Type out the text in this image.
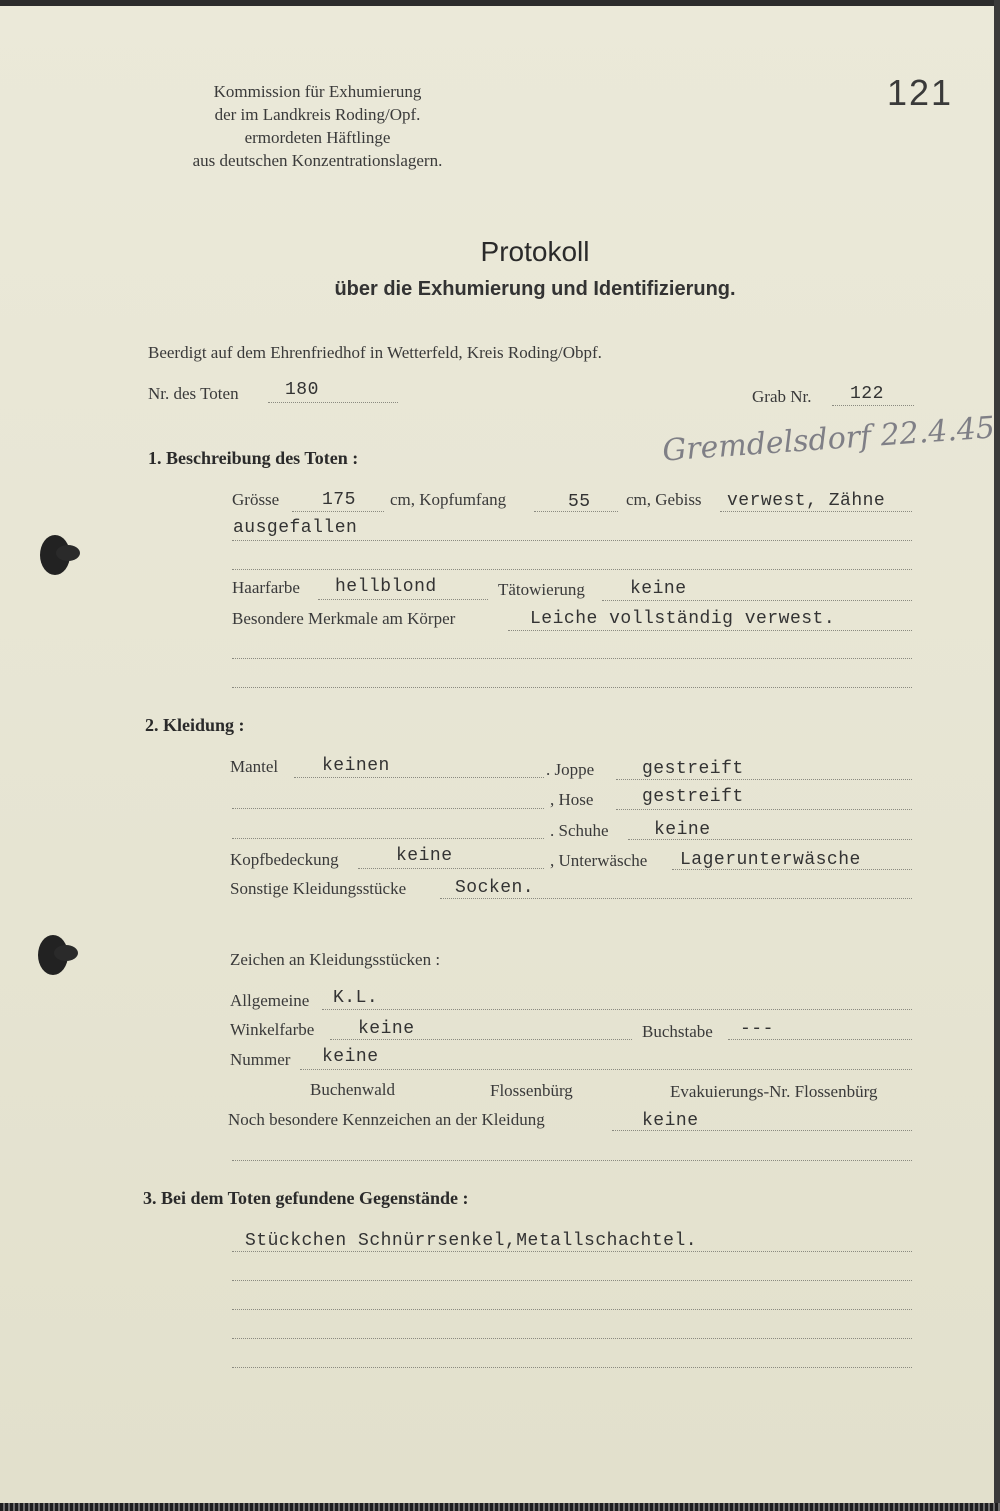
Kommission für Exhumierung
der im Landkreis Roding/Opf.
ermordeten Häftlinge
aus deutschen Konzentrationslagern.
121
Protokoll
über die Exhumierung und Identifizierung.
Beerdigt auf dem Ehrenfriedhof in Wetterfeld, Kreis Roding/Obpf.
Nr. des Toten	180	Grab Nr. 122
Gremdelsdorf 22.4.45
1. Beschreibung des Toten :
Grösse 175 cm, Kopfumfang	55 cm, Gebiss verwest, Zähne
ausgefallen
Haarfarbe hellblond	Tätowierung	keine
Besondere Merkmale am Körper	Leiche vollständig verwest.
2. Kleidung :
Mantel keinen	. Joppe	gestreift
, Hose	gestreift
. Schuhe	keine
Kopfbedeckung	keine	, Unterwäsche Lagerunterwäsche
Sonstige Kleidungsstücke	Socken.
Zeichen an Kleidungsstücken :
Allgemeine K.L.
Winkelfarbe keine	Buchstabe ---
Nummer keine
Buchenwald	Flossenbürg	Evakuierungs-Nr. Flossenbürg
Noch besondere Kennzeichen an der Kleidung	keine
3. Bei dem Toten gefundene Gegenstände :
Stückchen Schnürrsenkel,Metallschachtel.
